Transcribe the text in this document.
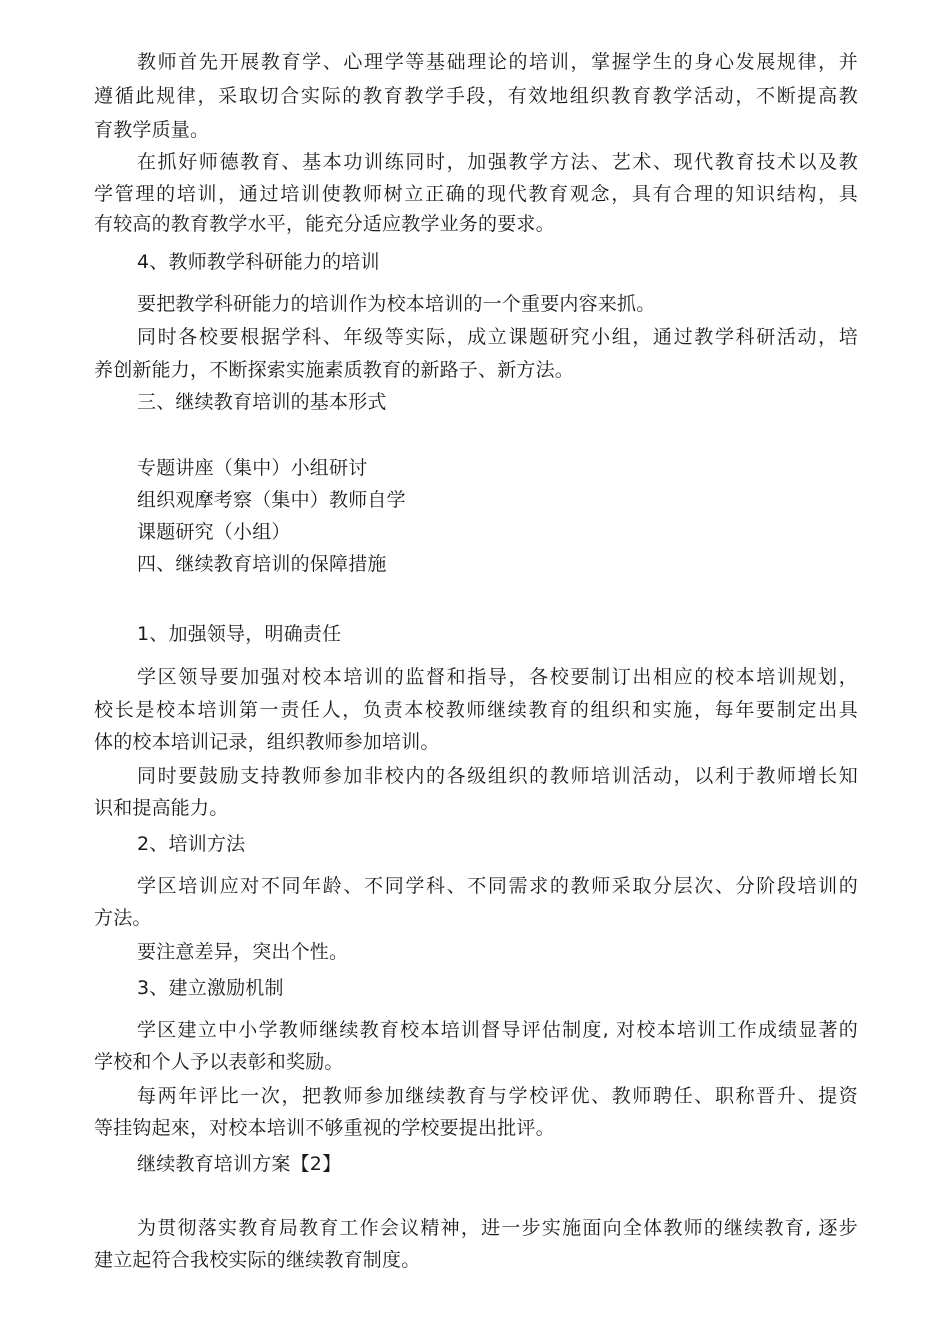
教师首先开展教育学、心理学等基础理论的培训，掌握学生的身心发展规律，并
遵循此规律，采取切合实际的教育教学手段，有效地组织教育教学活动，不断提高教
育教学质量。
在抓好师德教育、基本功训练同时，加强教学方法、艺术、现代教育技术以及教
学管理的培训，通过培训使教师树立正确的现代教育观念，具有合理的知识结构，具
有较高的教育教学水平，能充分适应教学业务的要求。
4、教师教学科研能力的培训
要把教学科研能力的培训作为校本培训的一个重要内容来抓。
同时各校要根据学科、年级等实际，成立课题研究小组，通过教学科研活动，培
养创新能力，不断探索实施素质教育的新路子、新方法。
三、继续教育培训的基本形式
专题讲座（集中）小组研讨
组织观摩考察（集中）教师自学
课题研究（小组）
四、继续教育培训的保障措施
1、加强领导，明确责任
学区领导要加强对校本培训的监督和指导，各校要制订出相应的校本培训规划，
校长是校本培训第一责任人，负责本校教师继续教育的组织和实施，每年要制定出具
体的校本培训记录，组织教师参加培训。
同时要鼓励支持教师参加非校内的各级组织的教师培训活动，以利于教师增长知
识和提高能力。
2、培训方法
学区培训应对不同年龄、不同学科、不同需求的教师采取分层次、分阶段培训的
方法。
要注意差异，突出个性。
3、建立激励机制
学区建立中小学教师继续教育校本培训督导评估制度, 对校本培训工作成绩显著的
学校和个人予以表彰和奖励。
每两年评比一次，把教师参加继续教育与学校评优、教师聘任、职称晋升、提资
等挂钩起來，对校本培训不够重视的学校要提出批评。
继续教育培训方案【2】
为贯彻落实教育局教育工作会议精神，进一步实施面向全体教师的继续教育, 逐步
建立起符合我校实际的继续教育制度。
